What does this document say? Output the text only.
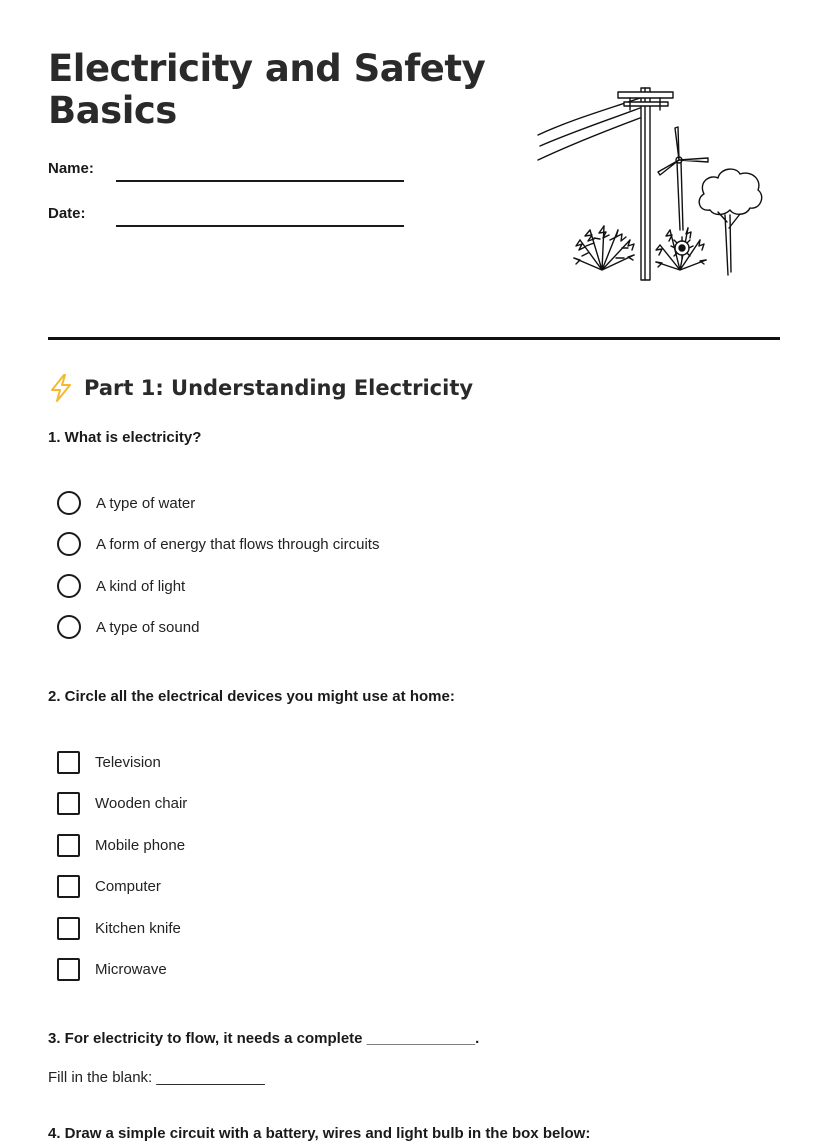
Electricity and Safety Basics
Name:
Date:
Part 1: Understanding Electricity

1. What is electricity?

A type of water
A form of energy that flows through circuits
A kind of light
A type of sound

2. Circle all the electrical devices you might use at home:

Television
Wooden chair
Mobile phone
Computer
Kitchen knife
Microwave

3. For electricity to flow, it needs a complete _____________.

Fill in the blank: _____________

4. Draw a simple circuit with a battery, wires and light bulb in the box below:
